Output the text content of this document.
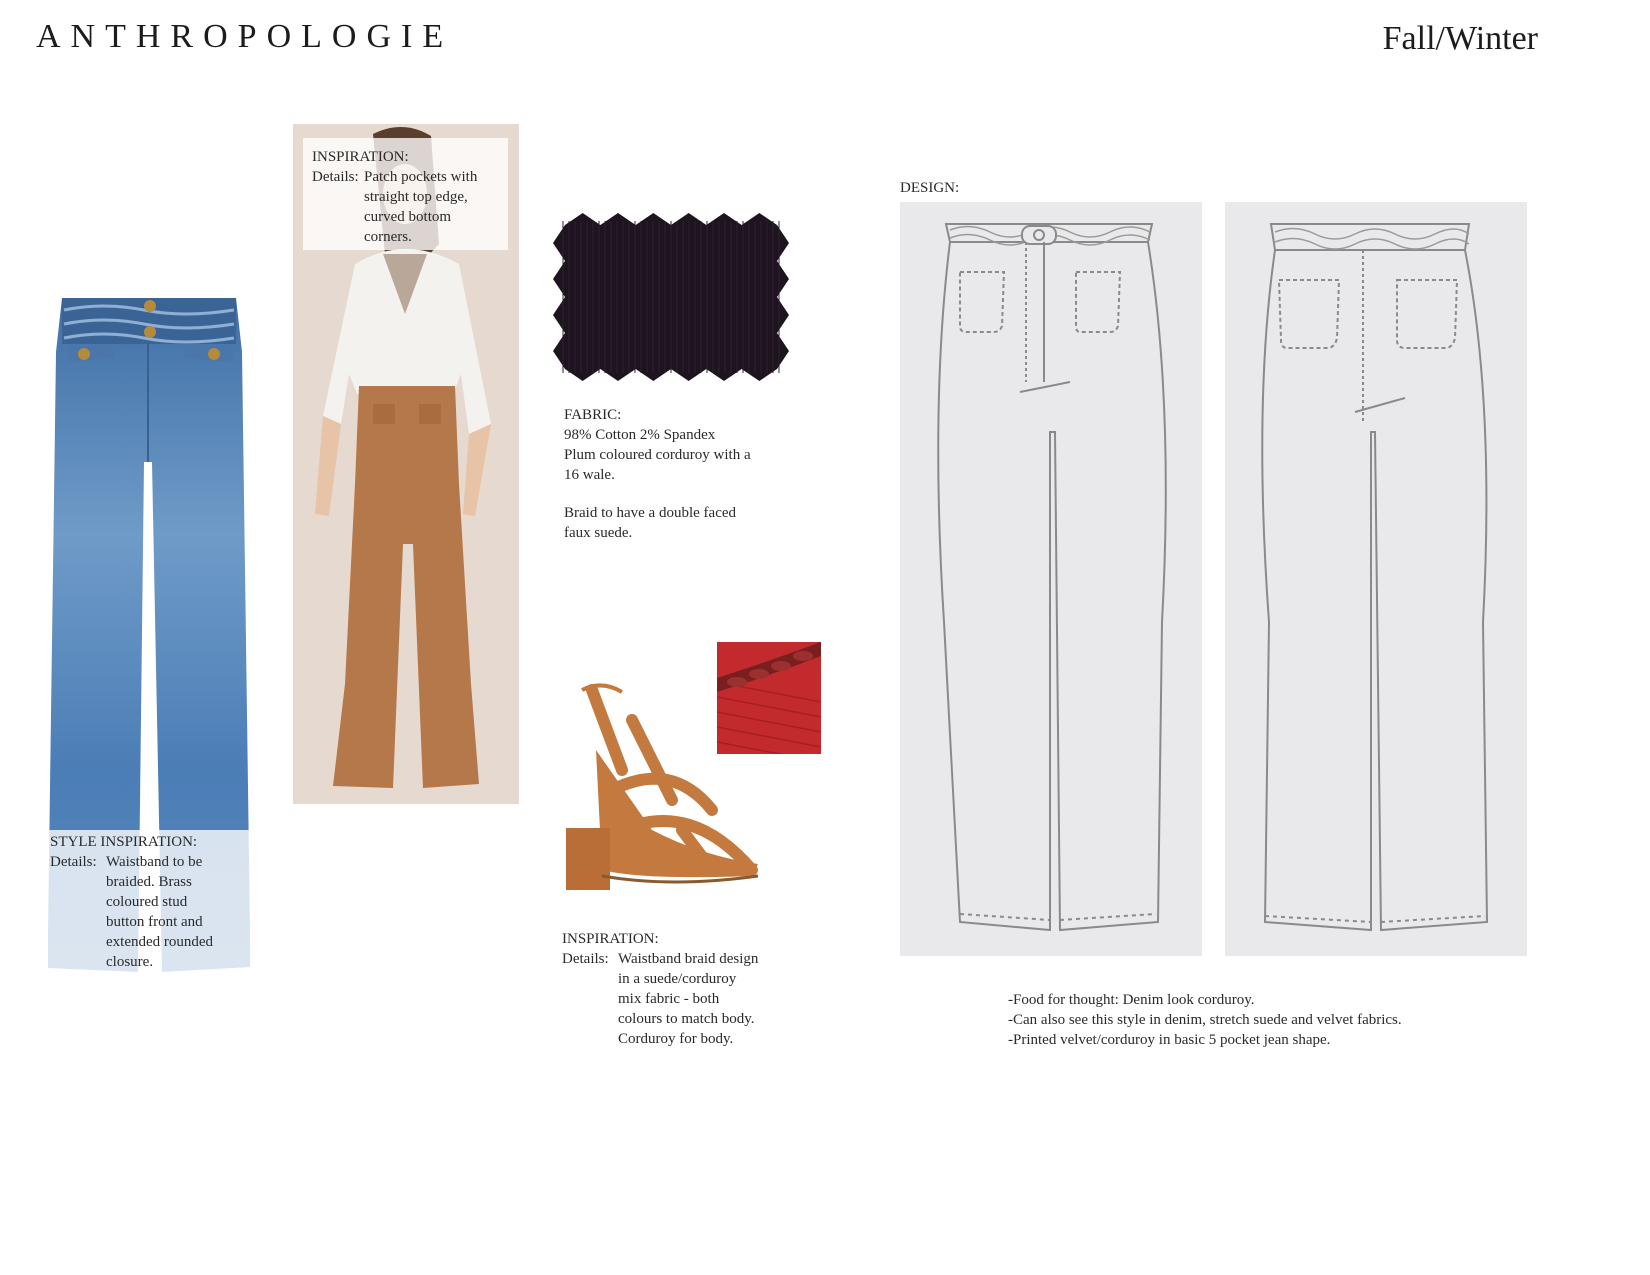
ANTHROPOLOGIE	Fall/Winter
STYLE INSPIRATION:
Details: Waistband to be
braided. Brass
coloured stud
button front and
extended rounded
closure.
INSPIRATION:
Details: Patch pockets with
straight top edge,
curved bottom
corners.
FABRIC:
98% Cotton 2% Spandex
Plum coloured corduroy with a
16 wale.
Braid to have a double faced
faux suede.
INSPIRATION:
Details: Waistband braid design
in a suede/corduroy
mix fabric - both
colours to match body.
Corduroy for body.
DESIGN:
-Food for thought: Denim look corduroy.
-Can also see this style in denim, stretch suede and velvet fabrics.
-Printed velvet/corduroy in basic 5 pocket jean shape.
